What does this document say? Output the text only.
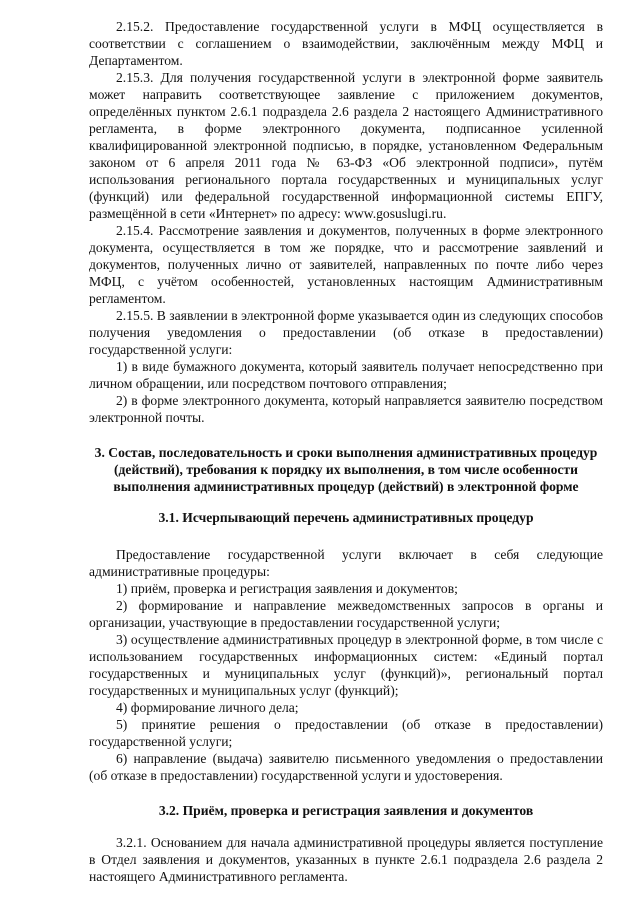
2.15.2. Предоставление государственной услуги в МФЦ осуществляется в соответствии с соглашением о взаимодействии, заключённым между МФЦ и Департаментом.

2.15.3. Для получения государственной услуги в электронной форме заявитель может направить соответствующее заявление с приложением документов, определённых пунктом 2.6.1 подраздела 2.6 раздела 2 настоящего Административного регламента, в форме электронного документа, подписанное усиленной квалифицированной электронной подписью, в порядке, установленном Федеральным законом от 6 апреля 2011 года № 63-ФЗ «Об электронной подписи», путём использования регионального портала государственных и муниципальных услуг (функций) или федеральной государственной информационной системы ЕПГУ, размещённой в сети «Интернет» по адресу: www.gosuslugi.ru.

2.15.4. Рассмотрение заявления и документов, полученных в форме электронного документа, осуществляется в том же порядке, что и рассмотрение заявлений и документов, полученных лично от заявителей, направленных по почте либо через МФЦ, с учётом особенностей, установленных настоящим Административным регламентом.

2.15.5. В заявлении в электронной форме указывается один из следующих способов получения уведомления о предоставлении (об отказе в предоставлении) государственной услуги:

1) в виде бумажного документа, который заявитель получает непосредственно при личном обращении, или посредством почтового отправления;

2) в форме электронного документа, который направляется заявителю посредством электронной почты.

3. Состав, последовательность и сроки выполнения административных процедур (действий), требования к порядку их выполнения, в том числе особенности выполнения административных процедур (действий) в электронной форме

3.1. Исчерпывающий перечень административных процедур

Предоставление государственной услуги включает в себя следующие административные процедуры:

1) приём, проверка и регистрация заявления и документов;

2) формирование и направление межведомственных запросов в органы и организации, участвующие в предоставлении государственной услуги;

3) осуществление административных процедур в электронной форме, в том числе с использованием государственных информационных систем: «Единый портал государственных и муниципальных услуг (функций)», региональный портал государственных и муниципальных услуг (функций);

4) формирование личного дела;

5) принятие решения о предоставлении (об отказе в предоставлении) государственной услуги;

6) направление (выдача) заявителю письменного уведомления о предоставлении (об отказе в предоставлении) государственной услуги и удостоверения.

3.2. Приём, проверка и регистрация заявления и документов

3.2.1. Основанием для начала административной процедуры является поступление в Отдел заявления и документов, указанных в пункте 2.6.1 подраздела 2.6 раздела 2 настоящего Административного регламента.
